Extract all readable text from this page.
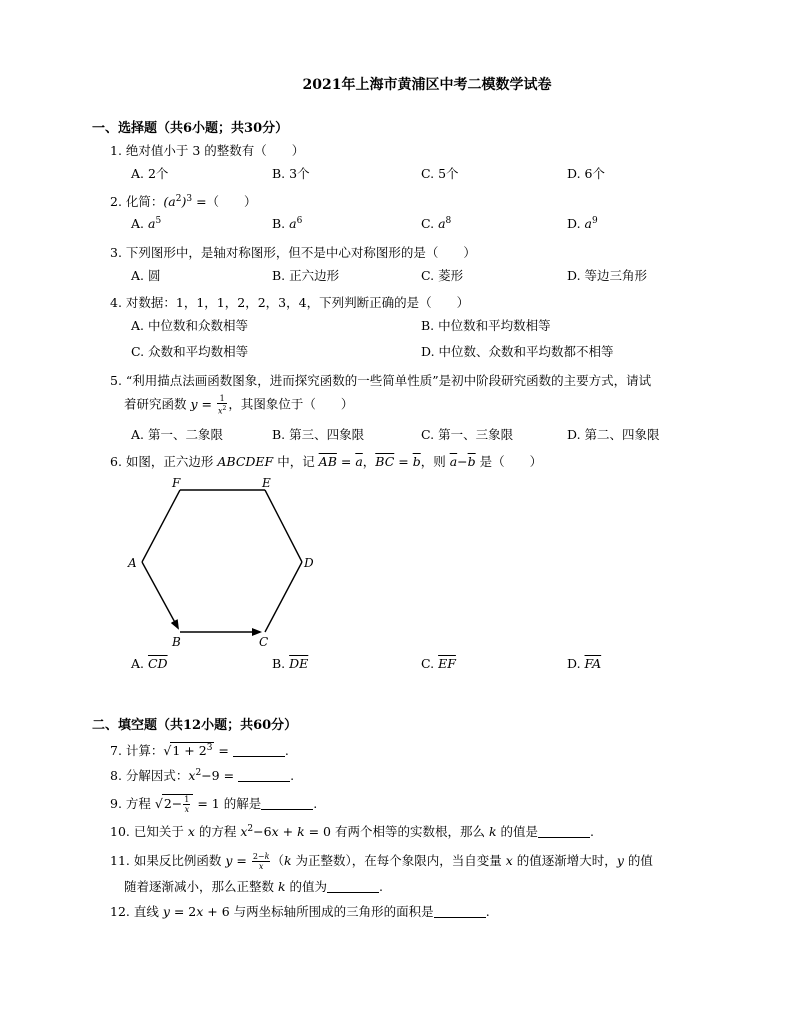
2021年上海市黄浦区中考二模数学试卷
一、选择题（共6小题；共30分）
1. 绝对值小于 3 的整数有（　　）
A. 2个	B. 3个	C. 5个	D. 6个
2. 化简：$(a^2)^3$ =（　　）
A. $a^5$	B. $a^6$	C. $a^8$	D. $a^9$
3. 下列图形中，是轴对称图形，但不是中心对称图形的是（　　）
A. 圆	B. 正六边形	C. 菱形	D. 等边三角形
4. 对数据：1，1，1，2，2，3，4，下列判断正确的是（　　）
A. 中位数和众数相等	B. 中位数和平均数相等
C. 众数和平均数相等	D. 中位数、众数和平均数都不相等
5. “利用描点法画函数图象，进而探究函数的一些简单性质”是初中阶段研究函数的主要方式，请试
着研究函数 $y = \frac{1}{x^2}$ ，其图象位于（　　）
A. 第一、二象限	B. 第三、四象限	C. 第一、三象限	D. 第二、四象限
6. 如图，正六边形 ABCDEF 中，记 $\overline{AB} = \overline{a}$，$\overline{BC} = \overline{b}$，则 $\overline{a}-\overline{b}$ 是（　　）
F	E
D
A
B	C
A. $\overline{CD}$	B. $\overline{DE}$	C. $\overline{EF}$	D. $\overline{FA}$
二、填空题（共12小题；共60分）
7. 计算：$√1 + 2^3$ =	.
8. 分解因式：$x^2-9$ =	.
9. 方程 $√2- \frac{1}{x} = 1$ 的解是	.
10. 已知关于 x 的方程 $x^2-6x + k = 0$ 有两个相等的实数根，那么 k 的值是	.
11. 如果反比例函数 $y = \frac{2-k}{x} (k$ 为正整数），在每个象限内，当自变量 x 的值逐渐增大时，y 的值
随着逐渐减小，那么正整数 k 的值为	.
12. 直线 y = 2x + 6 与两坐标轴所围成的三角形的面积是	.
